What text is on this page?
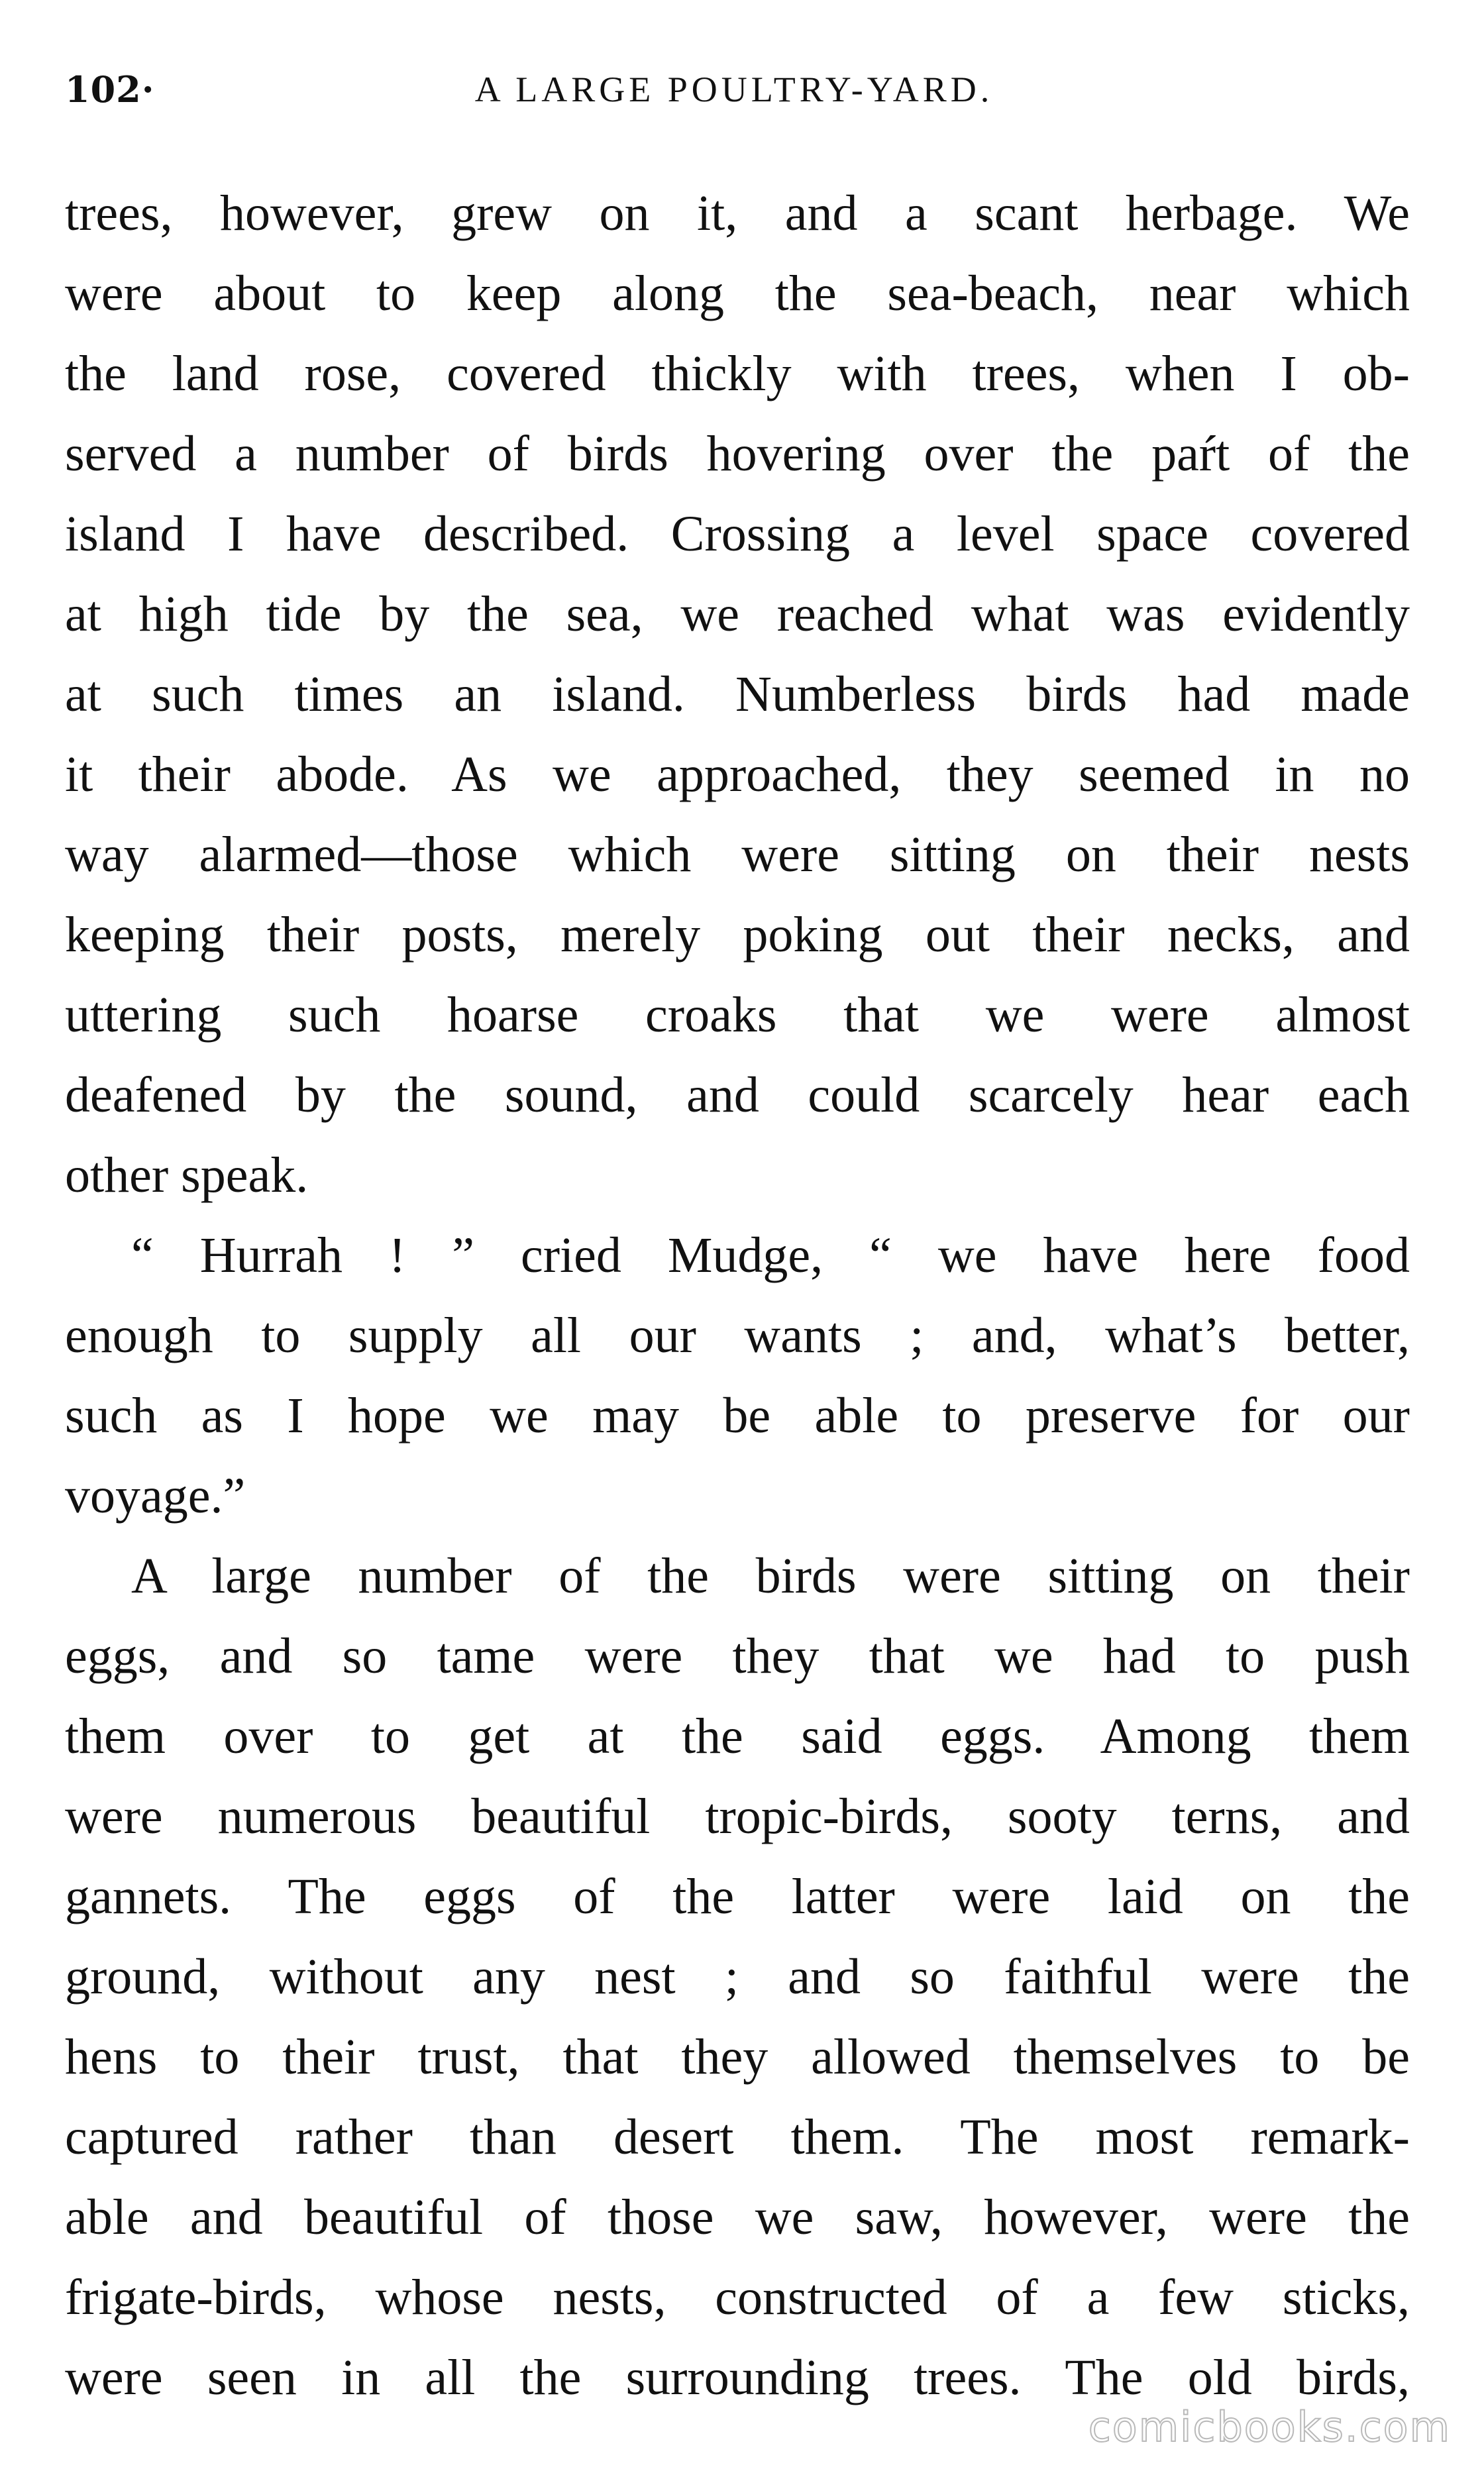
102·	A LARGE POULTRY-YARD.
trees, however, grew on it, and a scant herbage. We
were about to keep along the sea-beach, near which
the land rose, covered thickly with trees, when I ob-
served a number of birds hovering over the paŕt of the
island I have described. Crossing a level space covered
at high tide by the sea, we reached what was evidently
at such times an island. Numberless birds had made
it their abode. As we approached, they seemed in no
way alarmed—those which were sitting on their nests
keeping their posts, merely poking out their necks, and
uttering such hoarse croaks that we were almost
deafened by the sound, and could scarcely hear each
other speak.
“ Hurrah ! ” cried Mudge, “ we have here food
enough to supply all our wants ; and, what’s better,
such as I hope we may be able to preserve for our
voyage.”
A large number of the birds were sitting on their
eggs, and so tame were they that we had to push
them over to get at the said eggs. Among them
were numerous beautiful tropic-birds, sooty terns, and
gannets. The eggs of the latter were laid on the
ground, without any nest ; and so faithful were the
hens to their trust, that they allowed themselves to be
captured rather than desert them. The most remark-
able and beautiful of those we saw, however, were the
frigate-birds, whose nests, constructed of a few sticks,
were seen in all the surrounding trees. The old birds,
comicbooks.com
